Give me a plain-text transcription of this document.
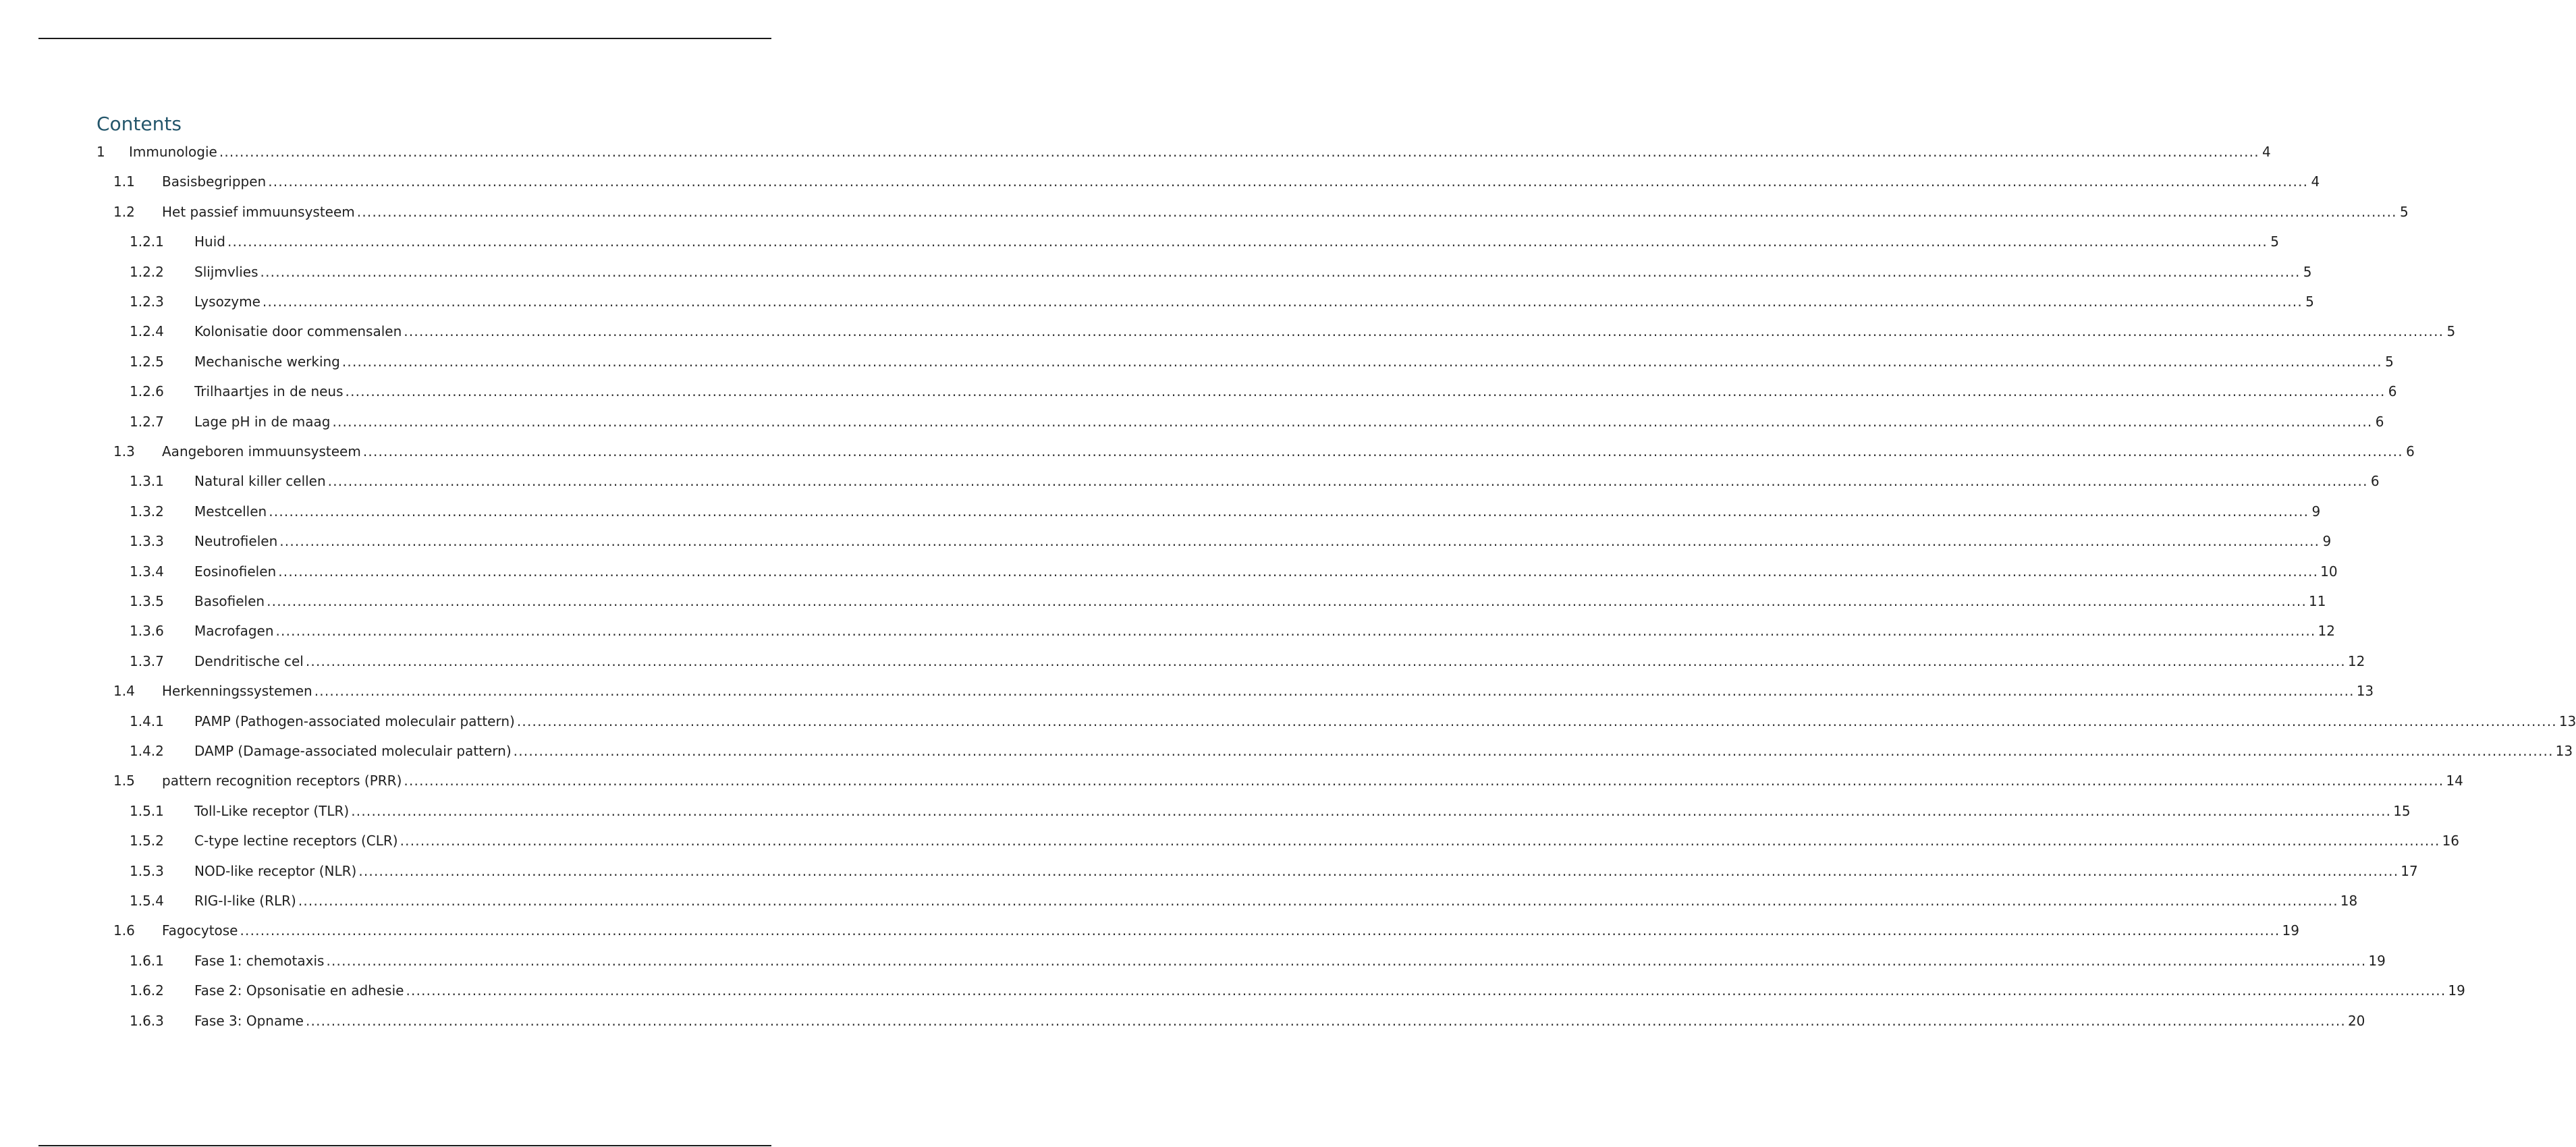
Contents
1 Immunologie ................................................................................................................................................................................................................................................................................................................................................................................................................ 4
1.1 Basisbegrippen ................................................................................................................................................................................................................................................................................................................................................................................................................ 4
1.2 Het passief immuunsysteem ................................................................................................................................................................................................................................................................................................................................................................................................................ 5
1.2.1 Huid ................................................................................................................................................................................................................................................................................................................................................................................................................ 5
1.2.2 Slijmvlies ................................................................................................................................................................................................................................................................................................................................................................................................................ 5
1.2.3 Lysozyme ................................................................................................................................................................................................................................................................................................................................................................................................................ 5
1.2.4 Kolonisatie door commensalen ................................................................................................................................................................................................................................................................................................................................................................................................................ 5
1.2.5 Mechanische werking ................................................................................................................................................................................................................................................................................................................................................................................................................ 5
1.2.6 Trilhaartjes in de neus ................................................................................................................................................................................................................................................................................................................................................................................................................ 6
1.2.7 Lage pH in de maag ................................................................................................................................................................................................................................................................................................................................................................................................................ 6
1.3 Aangeboren immuunsysteem ................................................................................................................................................................................................................................................................................................................................................................................................................ 6
1.3.1 Natural killer cellen ................................................................................................................................................................................................................................................................................................................................................................................................................ 6
1.3.2 Mestcellen ................................................................................................................................................................................................................................................................................................................................................................................................................ 9
1.3.3 Neutrofielen ................................................................................................................................................................................................................................................................................................................................................................................................................ 9
1.3.4 Eosinofielen ................................................................................................................................................................................................................................................................................................................................................................................................................ 10
1.3.5 Basofielen ................................................................................................................................................................................................................................................................................................................................................................................................................ 11
1.3.6 Macrofagen ................................................................................................................................................................................................................................................................................................................................................................................................................ 12
1.3.7 Dendritische cel ................................................................................................................................................................................................................................................................................................................................................................................................................ 12
1.4 Herkenningssystemen ................................................................................................................................................................................................................................................................................................................................................................................................................ 13
1.4.1 PAMP (Pathogen-associated moleculair pattern) ................................................................................................................................................................................................................................................................................................................................................................................................................ 13
1.4.2 DAMP (Damage-associated moleculair pattern) ................................................................................................................................................................................................................................................................................................................................................................................................................ 13
1.5 pattern recognition receptors (PRR) ................................................................................................................................................................................................................................................................................................................................................................................................................ 14
1.5.1 Toll-Like receptor (TLR) ................................................................................................................................................................................................................................................................................................................................................................................................................ 15
1.5.2 C-type lectine receptors (CLR) ................................................................................................................................................................................................................................................................................................................................................................................................................ 16
1.5.3 NOD-like receptor (NLR) ................................................................................................................................................................................................................................................................................................................................................................................................................ 17
1.5.4 RIG-I-like (RLR) ................................................................................................................................................................................................................................................................................................................................................................................................................ 18
1.6 Fagocytose ................................................................................................................................................................................................................................................................................................................................................................................................................ 19
1.6.1 Fase 1: chemotaxis ................................................................................................................................................................................................................................................................................................................................................................................................................ 19
1.6.2 Fase 2: Opsonisatie en adhesie ................................................................................................................................................................................................................................................................................................................................................................................................................ 19
1.6.3 Fase 3: Opname ................................................................................................................................................................................................................................................................................................................................................................................................................ 20
